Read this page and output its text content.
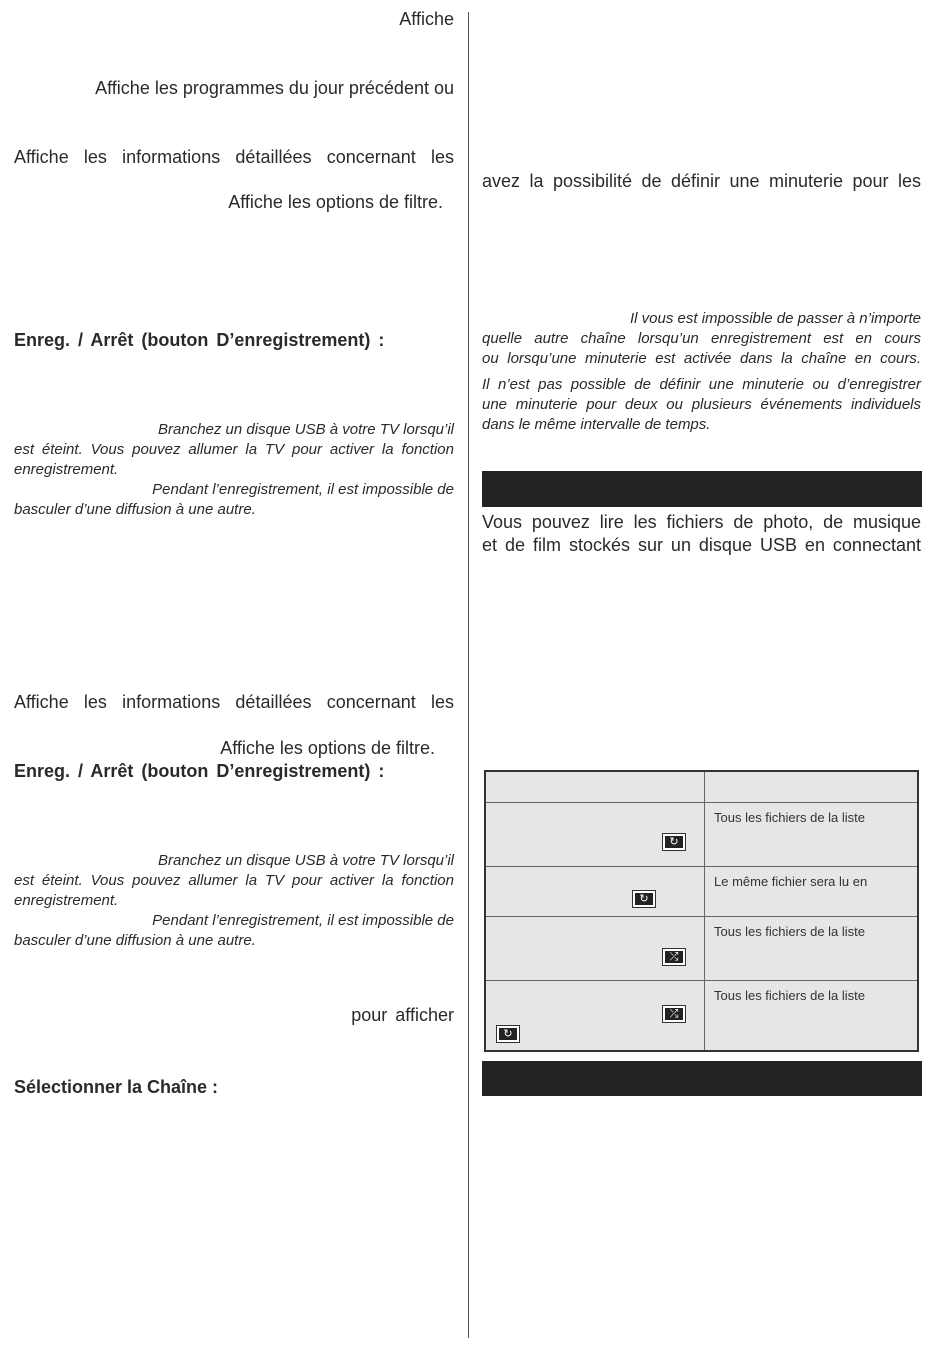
Affiche
Affiche les programmes du jour précédent ou
Affiche les informations détaillées concernant les
Affiche les options de filtre.
Enreg. / Arrêt (bouton D’enregistrement) :
Branchez un disque USB à votre TV lorsqu’il
est éteint. Vous pouvez allumer la TV pour activer la fonction
enregistrement.
Pendant l’enregistrement, il est impossible de
basculer d’une diffusion à une autre.
Affiche les informations détaillées concernant les
Affiche les options de filtre.
Enreg. / Arrêt (bouton D’enregistrement) :
Branchez un disque USB à votre TV lorsqu’il
est éteint. Vous pouvez allumer la TV pour activer la fonction
enregistrement.
Pendant l’enregistrement, il est impossible de
basculer d’une diffusion à une autre.
pour afficher
Sélectionner la Chaîne :
avez la possibilité de définir une minuterie pour les
Il vous est impossible de passer à n’importe
quelle autre chaîne lorsqu’un enregistrement est en cours
ou lorsqu’une minuterie est activée dans la chaîne en cours.
Il n’est pas possible de définir une minuterie ou d’enregistrer
une minuterie pour deux ou plusieurs événements individuels
dans le même intervalle de temps.
Vous pouvez lire les fichiers de photo, de musique
et de film stockés sur un disque USB en connectant

↻	Tous les fichiers de la liste

↻	Le même fichier sera lu en

⤮	Tous les fichiers de la liste

⤮
↻	Tous les fichiers de la liste
